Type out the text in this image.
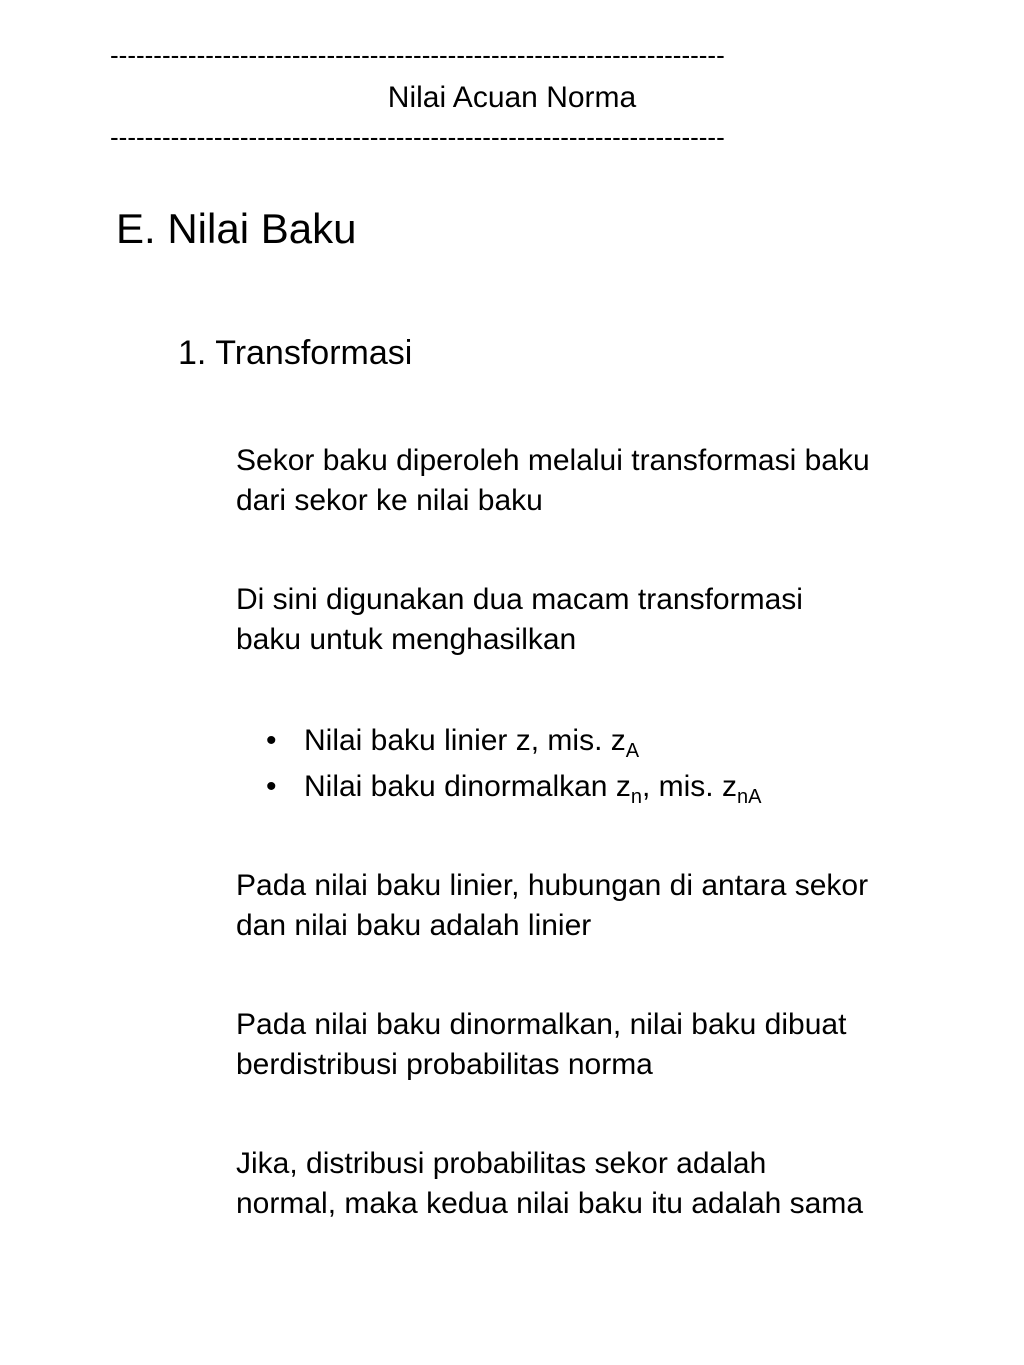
-----------------------------------------------------------------------
Nilai Acuan Norma
-----------------------------------------------------------------------
E. Nilai Baku
1. Transformasi
Sekor baku diperoleh melalui transformasi baku
dari sekor ke nilai baku
Di sini digunakan dua macam transformasi
baku untuk menghasilkan
• Nilai baku linier z, mis. $z_A$
• Nilai baku dinormalkan $z_n$, mis. $z_{nA}$
Pada nilai baku linier, hubungan di antara sekor
dan nilai baku adalah linier
Pada nilai baku dinormalkan, nilai baku dibuat
berdistribusi probabilitas norma
Jika, distribusi probabilitas sekor adalah
normal, maka kedua nilai baku itu adalah sama
